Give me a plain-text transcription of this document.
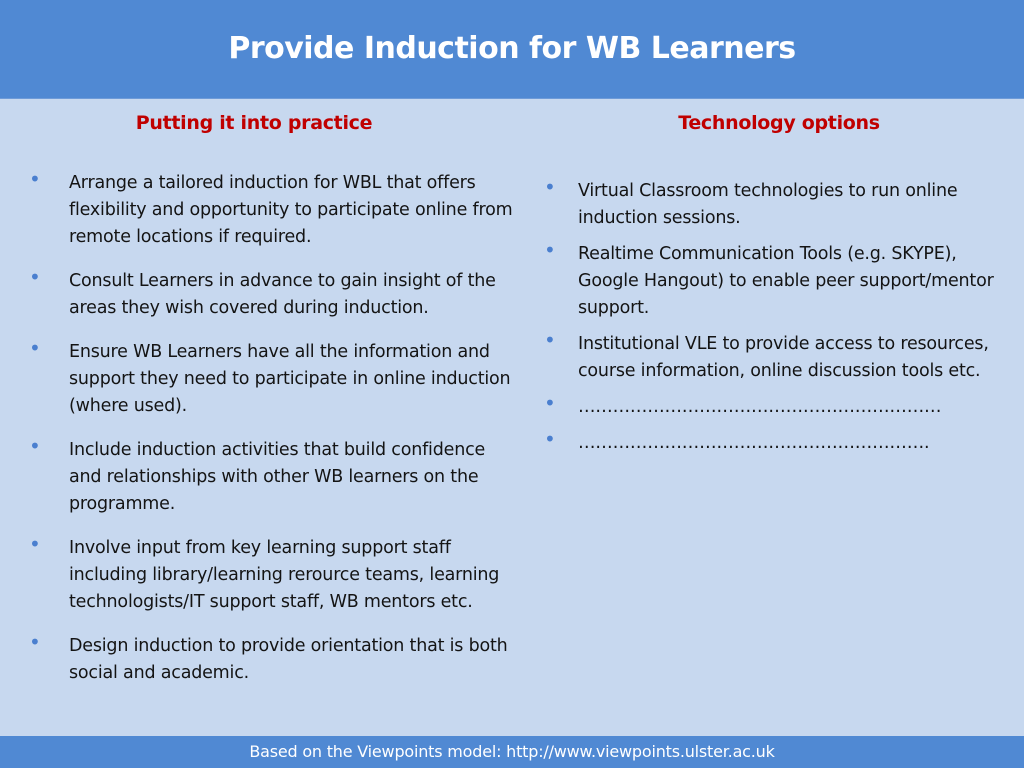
Provide Induction for WB Learners
Putting it into practice
• Arrange a tailored induction for WBL that offers flexibility and opportunity to participate online from remote locations if required.
• Consult Learners in advance to gain insight of the areas they wish covered during induction.
• Ensure WB Learners have all the information and support they need to participate in online induction (where used).
• Include induction activities that build confidence and relationships with other WB learners on the programme.
• Involve input from key learning support staff including library/learning rerource teams, learning technologists/IT support staff, WB mentors etc.
• Design induction to provide orientation that is both social and academic.
Technology options
• Virtual Classroom technologies to run online induction sessions.
• Realtime Communication Tools (e.g. SKYPE), Google Hangout) to enable peer support/mentor support.
• Institutional VLE to provide access to resources, course information, online discussion tools etc.
• ………………………………………………………
• …………………………………………………….
Based on the Viewpoints model: http://www.viewpoints.ulster.ac.uk
